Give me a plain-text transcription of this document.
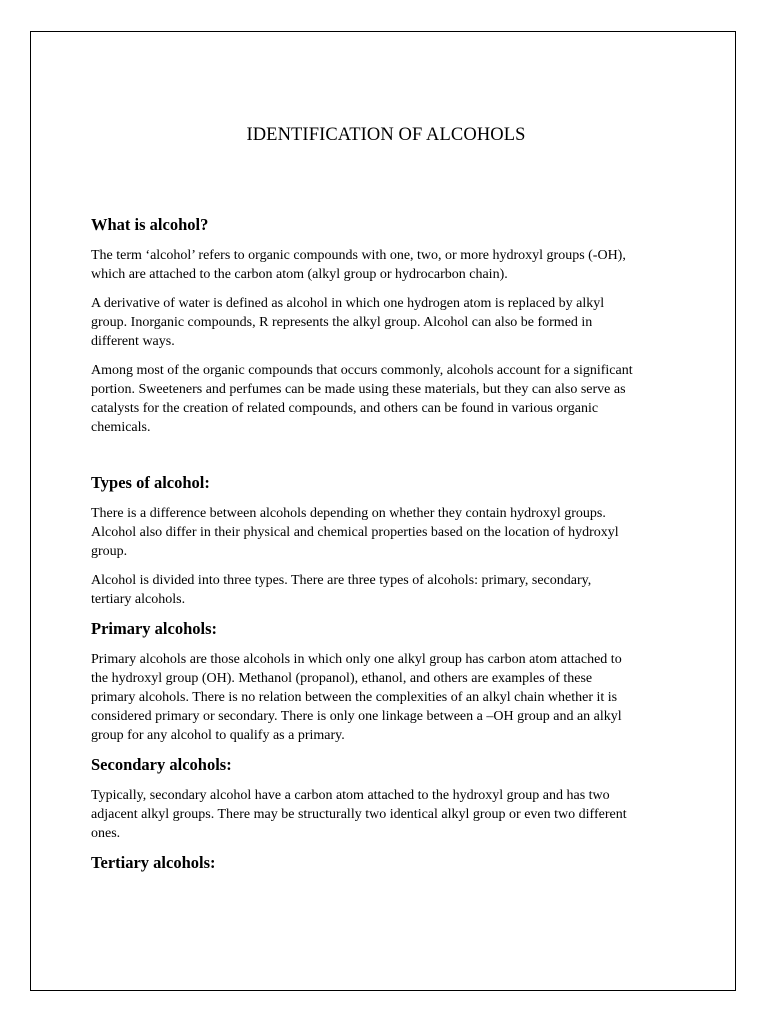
IDENTIFICATION OF ALCOHOLS
What is alcohol?

The term ‘alcohol’ refers to organic compounds with one, two, or more hydroxyl groups (-OH),
which are attached to the carbon atom (alkyl group or hydrocarbon chain).

A derivative of water is defined as alcohol in which one hydrogen atom is replaced by alkyl
group. Inorganic compounds, R represents the alkyl group. Alcohol can also be formed in
different ways.

Among most of the organic compounds that occurs commonly, alcohols account for a significant
portion. Sweeteners and perfumes can be made using these materials, but they can also serve as
catalysts for the creation of related compounds, and others can be found in various organic
chemicals.

Types of alcohol:

There is a difference between alcohols depending on whether they contain hydroxyl groups.
Alcohol also differ in their physical and chemical properties based on the location of hydroxyl
group.

Alcohol is divided into three types. There are three types of alcohols: primary, secondary,
tertiary alcohols.

Primary alcohols:

Primary alcohols are those alcohols in which only one alkyl group has carbon atom attached to
the hydroxyl group (OH). Methanol (propanol), ethanol, and others are examples of these
primary alcohols. There is no relation between the complexities of an alkyl chain whether it is
considered primary or secondary. There is only one linkage between a –OH group and an alkyl
group for any alcohol to qualify as a primary.

Secondary alcohols:

Typically, secondary alcohol have a carbon atom attached to the hydroxyl group and has two
adjacent alkyl groups. There may be structurally two identical alkyl group or even two different
ones.

Tertiary alcohols:
